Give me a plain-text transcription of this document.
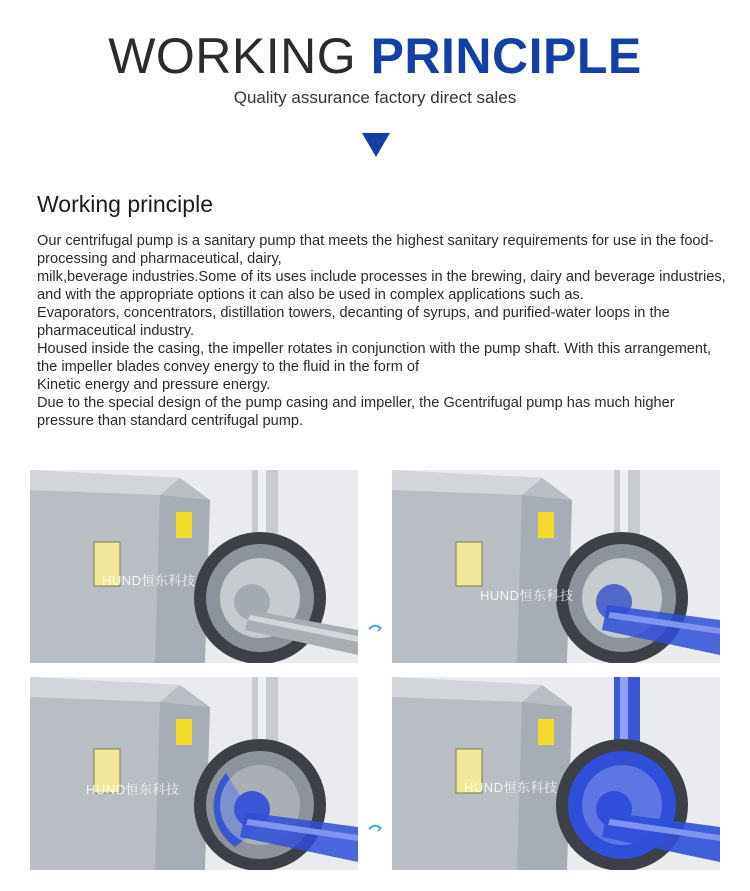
WORKING PRINCIPLE
Quality assurance factory direct sales
Working principle

Our centrifugal pump is a sanitary pump that meets the highest sanitary requirements for use in the food-processing and pharmaceutical, dairy,

milk,beverage industries.Some of its uses include processes in the brewing, dairy and beverage industries, and with the appropriate options it can also be used in complex applications such as.

Evaporators, concentrators, distillation towers, decanting of syrups, and purified-water loops in the pharmaceutical industry.

Housed inside the casing, the impeller rotates in conjunction with the pump shaft. With this arrangement, the impeller blades convey energy to the fluid in the form of

Kinetic energy and pressure energy.

Due to the special design of the pump casing and impeller, the Gcentrifugal pump has much higher pressure than standard centrifugal pump.

HUND恒东科技
HUND恒东科技
HUND恒东科技	HUND恒东科技
